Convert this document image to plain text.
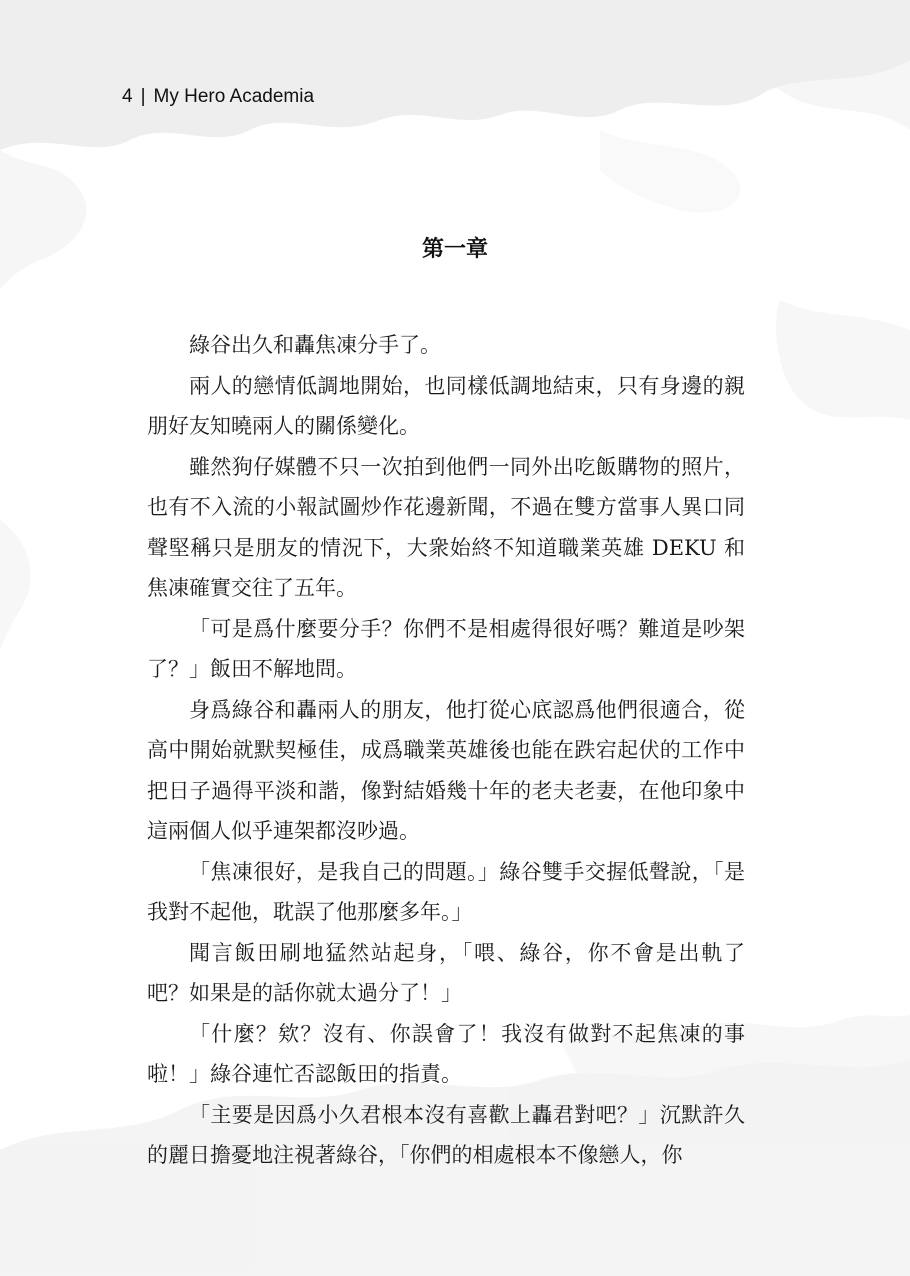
4 | My Hero Academia
第一章

綠谷出久和轟焦凍分手了。

兩人的戀情低調地開始，也同樣低調地結束，只有身邊的親朋好友知曉兩人的關係變化。

雖然狗仔媒體不只一次拍到他們一同外出吃飯購物的照片，也有不入流的小報試圖炒作花邊新聞，不過在雙方當事人異口同聲堅稱只是朋友的情況下，大衆始終不知道職業英雄 DEKU 和焦凍確實交往了五年。

「可是爲什麼要分手？你們不是相處得很好嗎？難道是吵架了？」飯田不解地問。

身爲綠谷和轟兩人的朋友，他打從心底認爲他們很適合，從高中開始就默契極佳，成爲職業英雄後也能在跌宕起伏的工作中把日子過得平淡和諧，像對結婚幾十年的老夫老妻，在他印象中這兩個人似乎連架都沒吵過。

「焦凍很好，是我自己的問題。」綠谷雙手交握低聲說，「是我對不起他，耽誤了他那麼多年。」

聞言飯田刷地猛然站起身，「喂、綠谷，你不會是出軌了吧？如果是的話你就太過分了！」

「什麼？欸？沒有、你誤會了！我沒有做對不起焦凍的事啦！」綠谷連忙否認飯田的指責。

「主要是因爲小久君根本沒有喜歡上轟君對吧？」沉默許久的麗日擔憂地注視著綠谷，「你們的相處根本不像戀人，你
